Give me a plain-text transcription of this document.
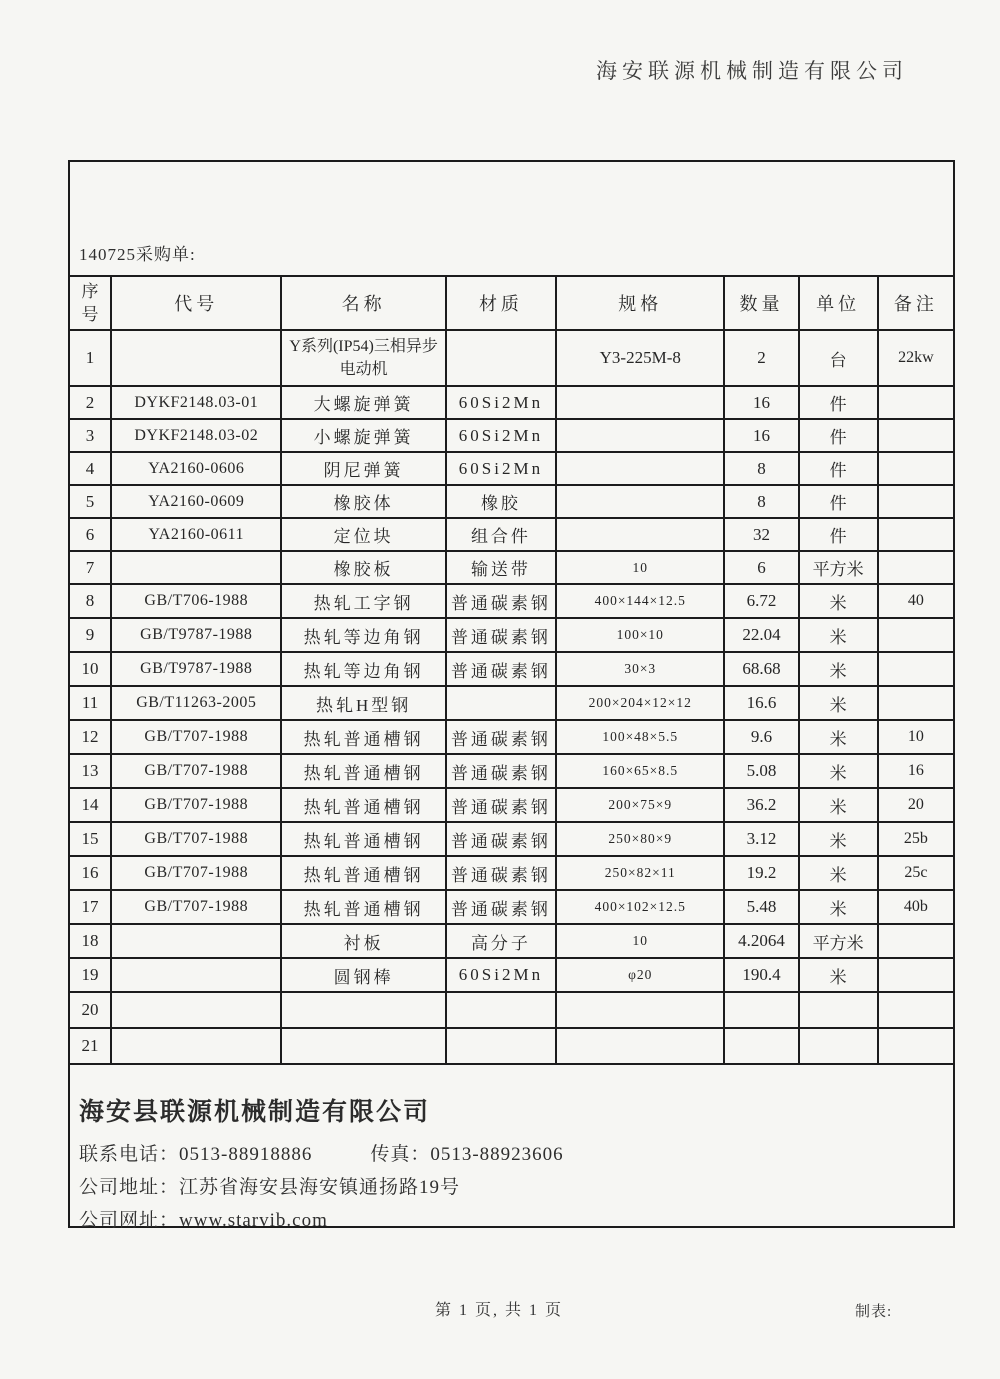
海安联源机械制造有限公司
140725采购单:
序号	代号	名称	材质	规格	数量	单位	备注
1		Y系列(IP54)三相异步电动机		Y3-225M-8	2	台	22kw
2	DYKF2148.03-01	大螺旋弹簧	60Si2Mn		16	件	
3	DYKF2148.03-02	小螺旋弹簧	60Si2Mn		16	件	
4	YA2160-0606	阴尼弹簧	60Si2Mn		8	件	
5	YA2160-0609	橡胶体	橡胶		8	件	
6	YA2160-0611	定位块	组合件		32	件	
7		橡胶板	输送带	10	6	平方米	
8	GB/T706-1988	热轧工字钢	普通碳素钢	400×144×12.5	6.72	米	40
9	GB/T9787-1988	热轧等边角钢	普通碳素钢	100×10	22.04	米	
10	GB/T9787-1988	热轧等边角钢	普通碳素钢	30×3	68.68	米	
11	GB/T11263-2005	热轧H型钢		200×204×12×12	16.6	米	
12	GB/T707-1988	热轧普通槽钢	普通碳素钢	100×48×5.5	9.6	米	10
13	GB/T707-1988	热轧普通槽钢	普通碳素钢	160×65×8.5	5.08	米	16
14	GB/T707-1988	热轧普通槽钢	普通碳素钢	200×75×9	36.2	米	20
15	GB/T707-1988	热轧普通槽钢	普通碳素钢	250×80×9	3.12	米	25b
16	GB/T707-1988	热轧普通槽钢	普通碳素钢	250×82×11	19.2	米	25c
17	GB/T707-1988	热轧普通槽钢	普通碳素钢	400×102×12.5	5.48	米	40b
18		衬板	高分子	10	4.2064	平方米	
19		圆钢棒	60Si2Mn	φ20	190.4	米	
20							
21							
海安县联源机械制造有限公司
联系电话：0513-88918886	传真：0513-88923606
公司地址：江苏省海安县海安镇通扬路19号
公司网址：www.starvib.com
第 1 页, 共 1 页	制表:
